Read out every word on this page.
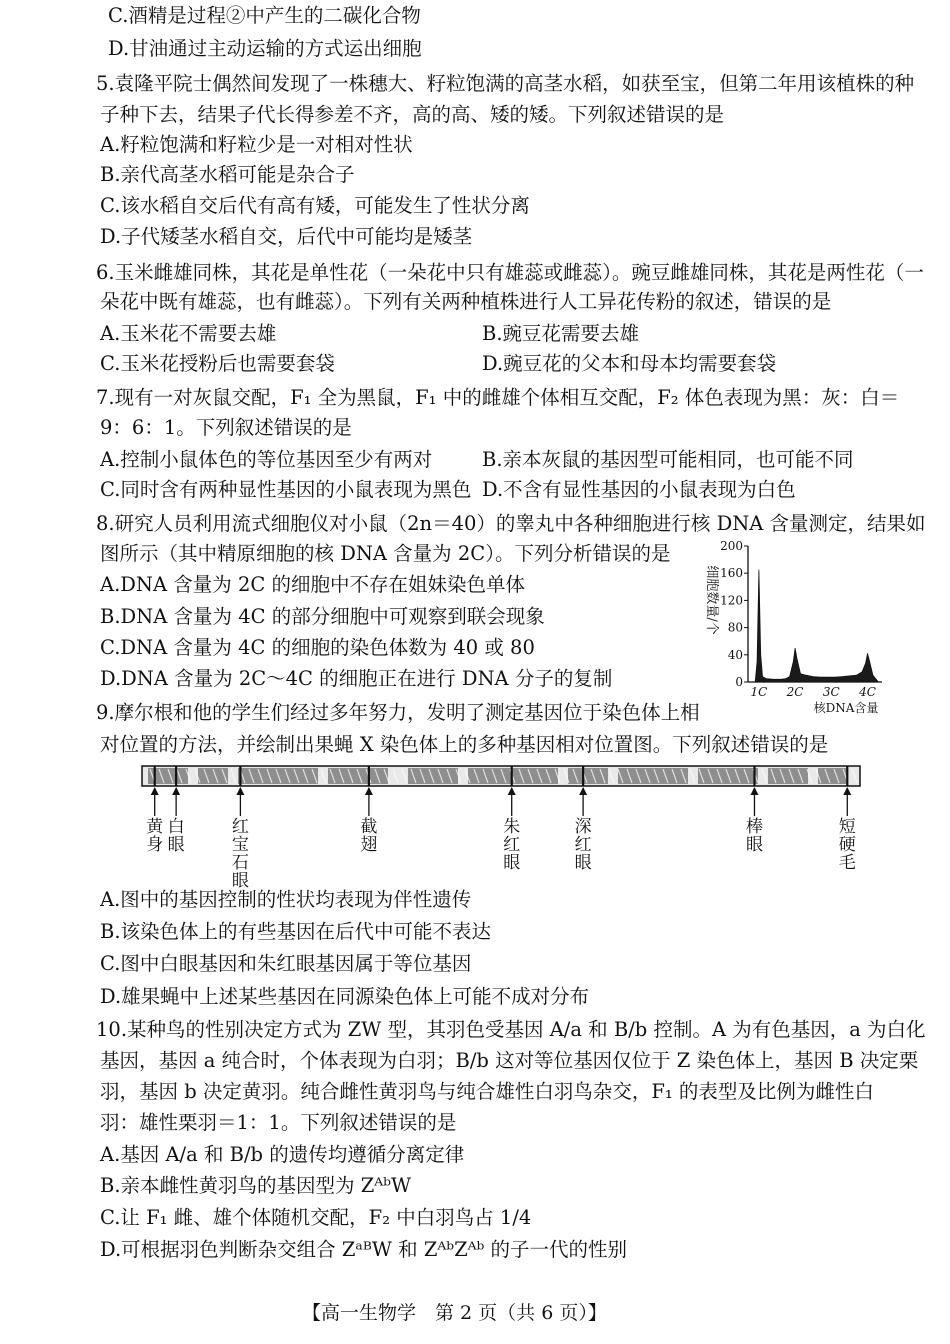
C.酒精是过程②中产生的二碳化合物
D.甘油通过主动运输的方式运出细胞
5.袁隆平院士偶然间发现了一株穗大、籽粒饱满的高茎水稻，如获至宝，但第二年用该植株的种
子种下去，结果子代长得参差不齐，高的高、矮的矮。下列叙述错误的是
A.籽粒饱满和籽粒少是一对相对性状
B.亲代高茎水稻可能是杂合子
C.该水稻自交后代有高有矮，可能发生了性状分离
D.子代矮茎水稻自交，后代中可能均是矮茎
6.玉米雌雄同株，其花是单性花（一朵花中只有雄蕊或雌蕊）。豌豆雌雄同株，其花是两性花（一
朵花中既有雄蕊，也有雌蕊）。下列有关两种植株进行人工异花传粉的叙述，错误的是
A.玉米花不需要去雄	B.豌豆花需要去雄
C.玉米花授粉后也需要套袋	D.豌豆花的父本和母本均需要套袋
7.现有一对灰鼠交配，F₁ 全为黑鼠，F₁ 中的雌雄个体相互交配，F₂ 体色表现为黑：灰：白＝
9：6：1。下列叙述错误的是
A.控制小鼠体色的等位基因至少有两对	B.亲本灰鼠的基因型可能相同，也可能不同
C.同时含有两种显性基因的小鼠表现为黑色 D.不含有显性基因的小鼠表现为白色
8.研究人员利用流式细胞仪对小鼠（2n＝40）的睾丸中各种细胞进行核 DNA 含量测定，结果如
图所示（其中精原细胞的核 DNA 含量为 2C）。下列分析错误的是
A.DNA 含量为 2C 的细胞中不存在姐妹染色单体
B.DNA 含量为 4C 的部分细胞中可观察到联会现象
C.DNA 含量为 4C 的细胞的染色体数为 40 或 80
D.DNA 含量为 2C～4C 的细胞正在进行 DNA 分子的复制	0
40
80
120
160
200
1C 2C 3C 4C
细胞数量/个
核DNA含量
9.摩尔根和他的学生们经过多年努力，发明了测定基因位于染色体上相
对位置的方法，并绘制出果蝇 X 染色体上的多种基因相对位置图。下列叙述错误的是
黄身
白眼
红宝石眼
截翅
朱红眼
深红眼
棒眼
短硬毛
A.图中的基因控制的性状均表现为伴性遗传
B.该染色体上的有些基因在后代中可能不表达
C.图中白眼基因和朱红眼基因属于等位基因
D.雄果蝇中上述某些基因在同源染色体上可能不成对分布
10.某种鸟的性别决定方式为 ZW 型，其羽色受基因 A/a 和 B/b 控制。A 为有色基因，a 为白化
基因，基因 a 纯合时，个体表现为白羽；B/b 这对等位基因仅位于 Z 染色体上，基因 B 决定栗
羽，基因 b 决定黄羽。纯合雌性黄羽鸟与纯合雄性白羽鸟杂交，F₁ 的表型及比例为雌性白
羽：雄性栗羽＝1：1。下列叙述错误的是
A.基因 A/a 和 B/b 的遗传均遵循分离定律
B.亲本雌性黄羽鸟的基因型为 ZᴬᵇW
C.让 F₁ 雌、雄个体随机交配，F₂ 中白羽鸟占 1/4
D.可根据羽色判断杂交组合 ZᵃᴮW 和 ZᴬᵇZᴬᵇ 的子一代的性别
【高一生物学　第 2 页（共 6 页）】
